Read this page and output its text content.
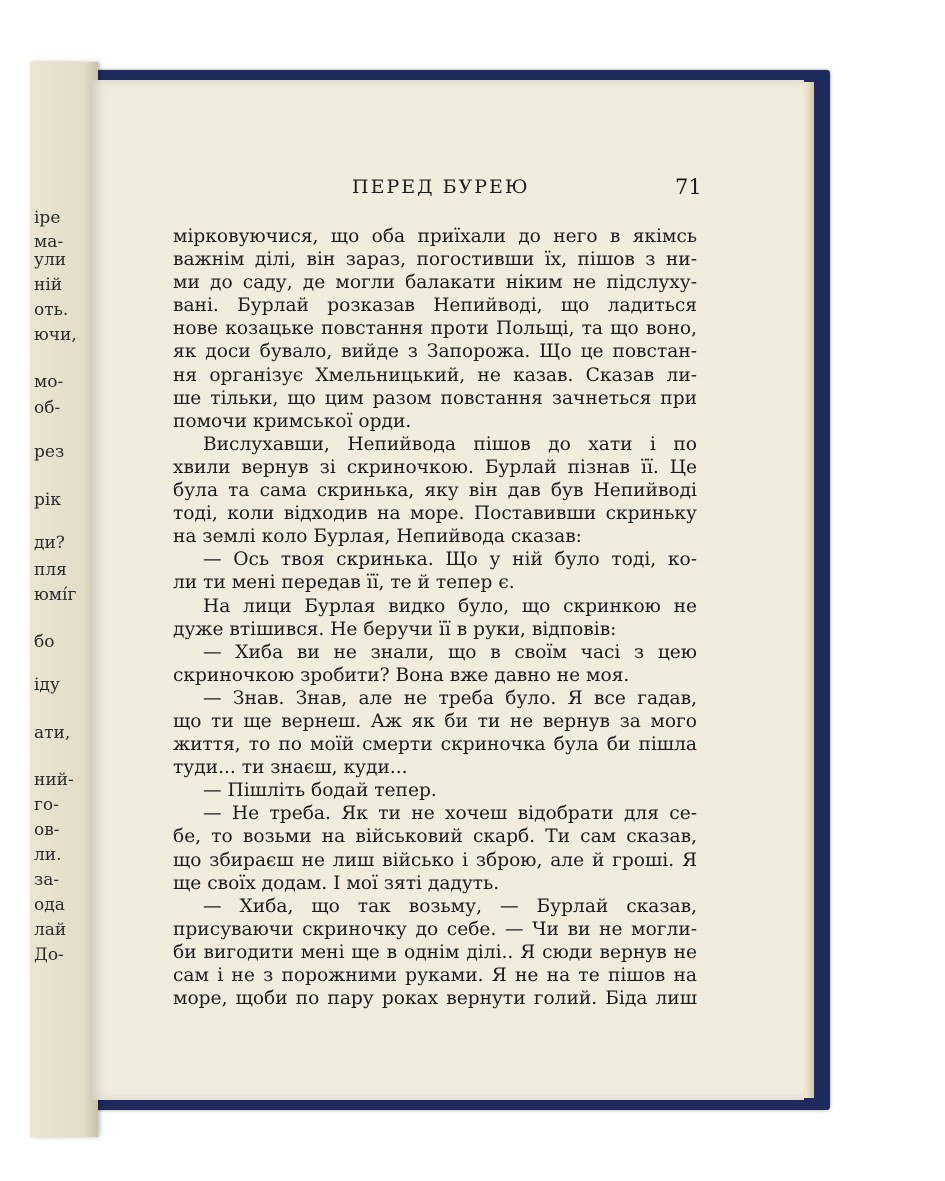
іре
ма-
ули
ній
оть.
ючи,
мо-
об-
рез
рік
ди?
пля
юмі́г
бо
іду
ати,
ний-
го-
ов-
ли.
за-
ода
лай
До-
ПЕРЕД БУРЕЮ	71
мірковуючися, що оба приїхали до него в якімсь
важнім ділі, він зараз, погостивши їх, пішов з ни-
ми до саду, де могли балакати ніким не підслуху-
вані. Бурлай розказав Непийводі, що ладиться
нове козацьке повстання проти Польщі, та що воно,
як доси бувало, вийде з Запорожа. Що це повстан-
ня організує Хмельницький, не казав. Сказав ли-
ше тільки, що цим разом повстання зачнеться при
помочи кримської орди.
Вислухавши, Непийвода пішов до хати і по
хвили вернув зі скриночкою. Бурлай пізнав її. Це
була та сама скринька, яку він дав був Непийводі
тоді, коли відходив на море. Поставивши скриньку
на землі коло Бурлая, Непийвода сказав:
— Ось твоя скринька. Що у ній було тоді, ко-
ли ти мені передав її, те й тепер є.
На лици Бурлая видко було, що скринкою не
дуже втішився. Не беручи її в руки, відповів:
— Хиба ви не знали, що в своїм часі з цею
скриночкою зробити? Вона вже давно не моя.
— Знав. Знав, але не треба було. Я все гадав,
що ти ще вернеш. Аж як би ти не вернув за мого
життя, то по моїй смерти скриночка була би пішла
туди... ти знаєш, куди...
— Пішліть бодай тепер.
— Не треба. Як ти не хочеш відобрати для се-
бе, то возьми на військовий скарб. Ти сам сказав,
що збираєш не лиш військо і зброю, але й гроші. Я
ще своїх додам. І мої зяті дадуть.
— Хиба, що так возьму, — Бурлай сказав,
присуваючи скриночку до себе. — Чи ви не могли-
би вигодити мені ще в однім ділі.. Я сюди вернув не
сам і не з порожними руками. Я не на те пішов на
море, щоби по пару роках вернути голий. Біда лиш
